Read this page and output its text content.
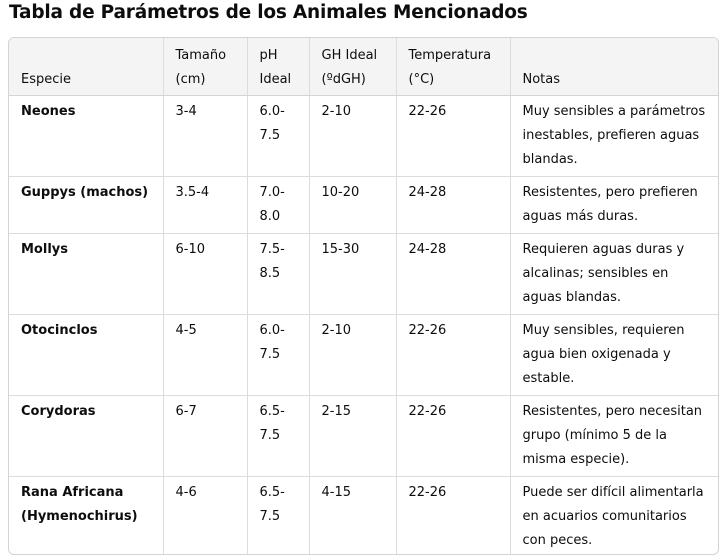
Tabla de Parámetros de los Animales Mencionados
Especie	Tamaño (cm)	pH Ideal	GH Ideal (ºdGH)	Temperatura (°C)	Notas
Neones	3-4	6.0-7.5	2-10	22-26	Muy sensibles a parámetros inestables, prefieren aguas blandas.
Guppys (machos)	3.5-4	7.0-8.0	10-20	24-28	Resistentes, pero prefieren aguas más duras.
Mollys	6-10	7.5-8.5	15-30	24-28	Requieren aguas duras y alcalinas; sensibles en aguas blandas.
Otocinclos	4-5	6.0-7.5	2-10	22-26	Muy sensibles, requieren agua bien oxigenada y estable.
Corydoras	6-7	6.5-7.5	2-15	22-26	Resistentes, pero necesitan grupo (mínimo 5 de la misma especie).
Rana Africana (Hymenochirus)	4-6	6.5-7.5	4-15	22-26	Puede ser difícil alimentarla en acuarios comunitarios con peces.
